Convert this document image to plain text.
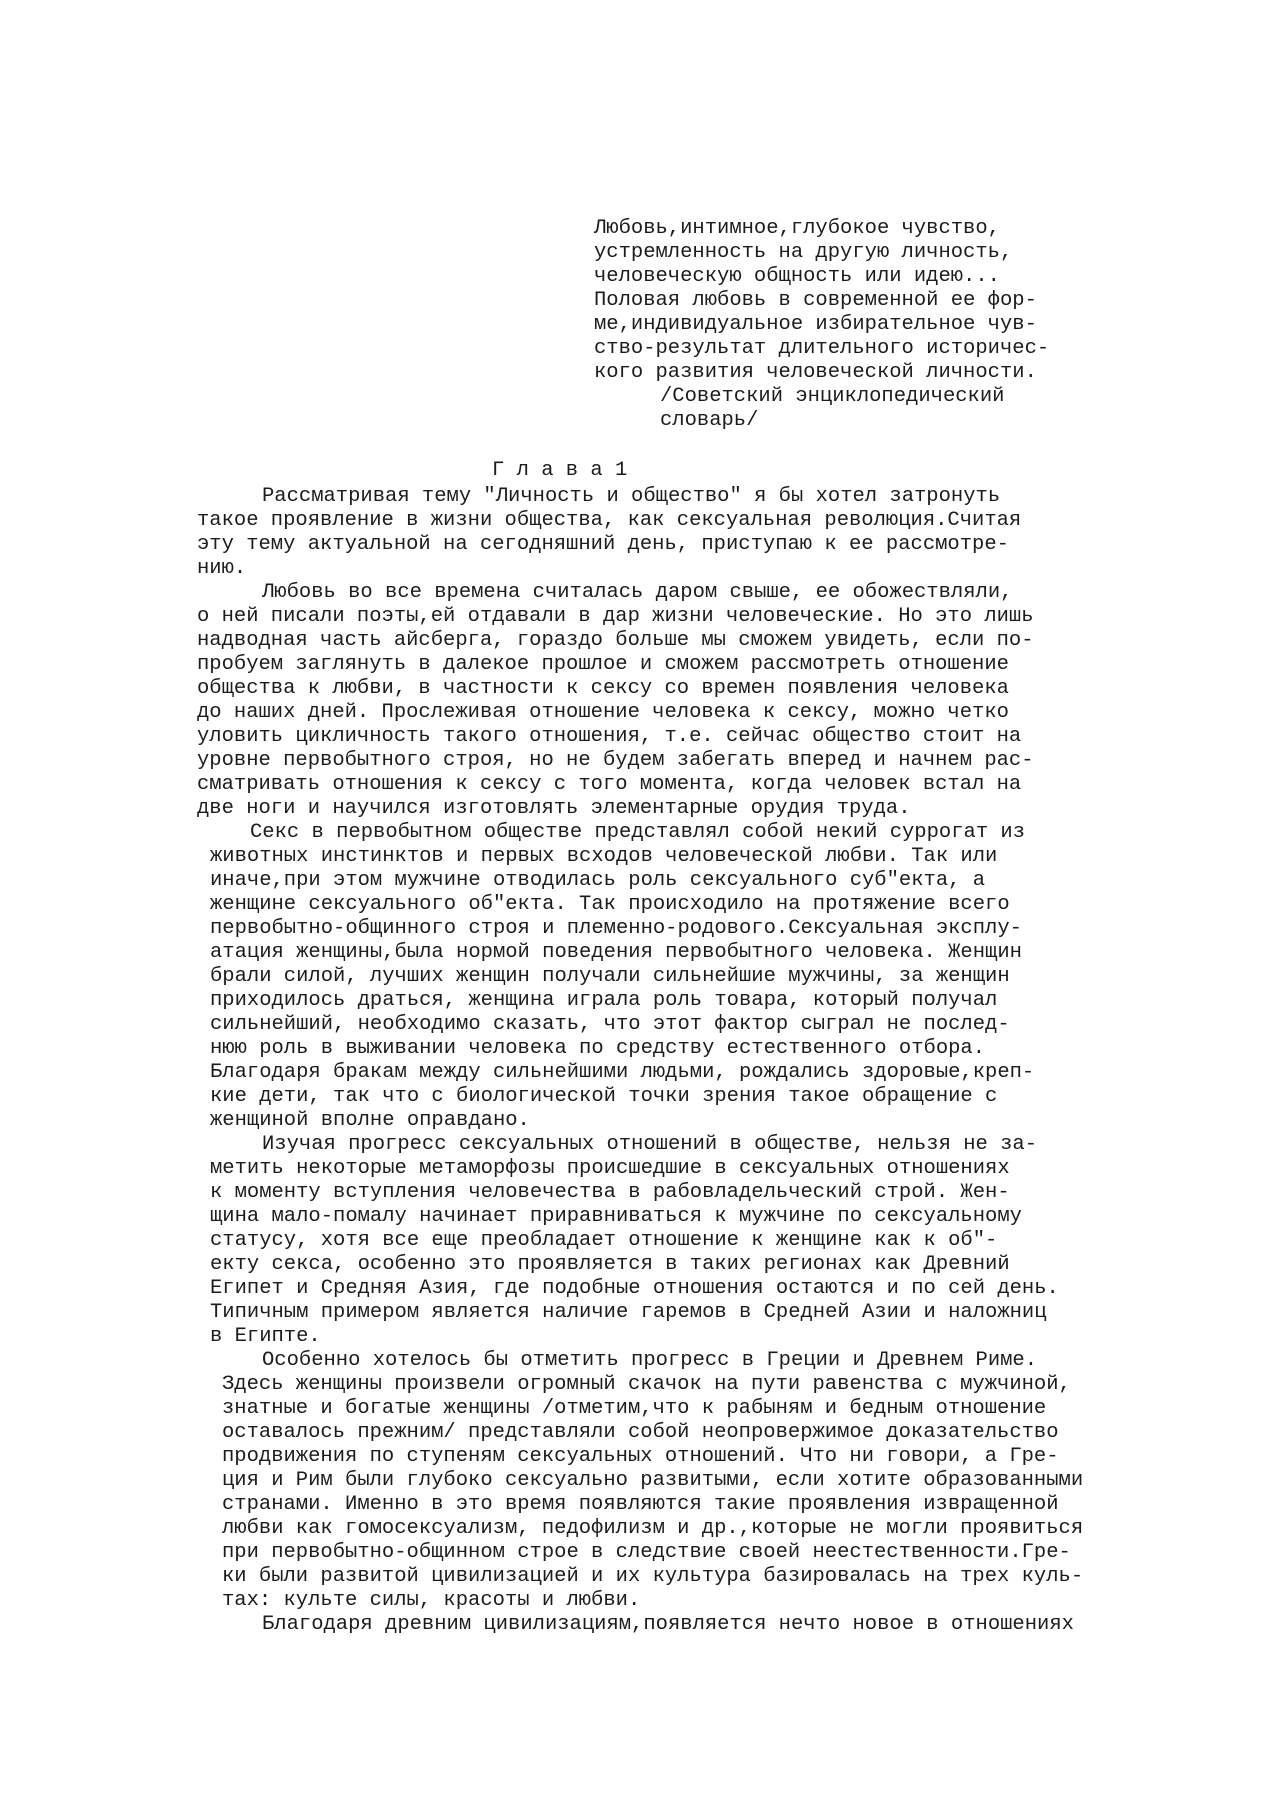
Любовь,интимное,глубокое чувство,
устремленность на другую личность,
человеческую общность или идею...
Половая любовь в современной ее фор-
ме,индивидуальное избирательное чув-
ство-результат длительного историчес-
кого развития человеческой личности.
/Советский энциклопедический
словарь/
Г л а в а 1
Рассматривая тему "Личность и общество" я бы хотел затронуть
такое проявление в жизни общества, как сексуальная революция.Считая
эту тему актуальной на сегодняшний день, приступаю к ее рассмотре-
нию.
Любовь во все времена считалась даром свыше, ее обожествляли,
о ней писали поэты,ей отдавали в дар жизни человеческие. Но это лишь
надводная часть айсберга, гораздо больше мы сможем увидеть, если по-
пробуем заглянуть в далекое прошлое и сможем рассмотреть отношение
общества к любви, в частности к сексу со времен появления человека
до наших дней. Прослеживая отношение человека к сексу, можно четко
уловить цикличность такого отношения, т.е. сейчас общество стоит на
уровне первобытного строя, но не будем забегать вперед и начнем рас-
сматривать отношения к сексу с того момента, когда человек встал на
две ноги и научился изготовлять элементарные орудия труда.
Секс в первобытном обществе представлял собой некий суррогат из
животных инстинктов и первых всходов человеческой любви. Так или
иначе,при этом мужчине отводилась роль сексуального суб"екта, а
женщине сексуального об"екта. Так происходило на протяжение всего
первобытно-общинного строя и племенно-родового.Сексуальная эксплу-
атация женщины,была нормой поведения первобытного человека. Женщин
брали силой, лучших женщин получали сильнейшие мужчины, за женщин
приходилось драться, женщина играла роль товара, который получал
сильнейший, необходимо сказать, что этот фактор сыграл не послед-
нюю роль в выживании человека по средству естественного отбора.
Благодаря бракам между сильнейшими людьми, рождались здоровые,креп-
кие дети, так что с биологической точки зрения такое обращение с
женщиной вполне оправдано.
Изучая прогресс сексуальных отношений в обществе, нельзя не за-
метить некоторые метаморфозы происшедшие в сексуальных отношениях
к моменту вступления человечества в рабовладельческий строй. Жен-
щина мало-помалу начинает приравниваться к мужчине по сексуальному
статусу, хотя все еще преобладает отношение к женщине как к об"-
екту секса, особенно это проявляется в таких регионах как Древний
Египет и Средняя Азия, где подобные отношения остаются и по сей день.
Типичным примером является наличие гаремов в Средней Азии и наложниц
в Египте.
Особенно хотелось бы отметить прогресс в Греции и Древнем Риме.
Здесь женщины произвели огромный скачок на пути равенства с мужчиной,
знатные и богатые женщины /отметим,что к рабыням и бедным отношение
оставалось прежним/ представляли собой неопровержимое доказательство
продвижения по ступеням сексуальных отношений. Что ни говори, а Гре-
ция и Рим были глубоко сексуально развитыми, если хотите образованными
странами. Именно в это время появляются такие проявления извращенной
любви как гомосексуализм, педофилизм и др.,которые не могли проявиться
при первобытно-общинном строе в следствие своей неестественности.Гре-
ки были развитой цивилизацией и их культура базировалась на трех куль-
тах: культе силы, красоты и любви.
Благодаря древним цивилизациям,появляется нечто новое в отношениях
